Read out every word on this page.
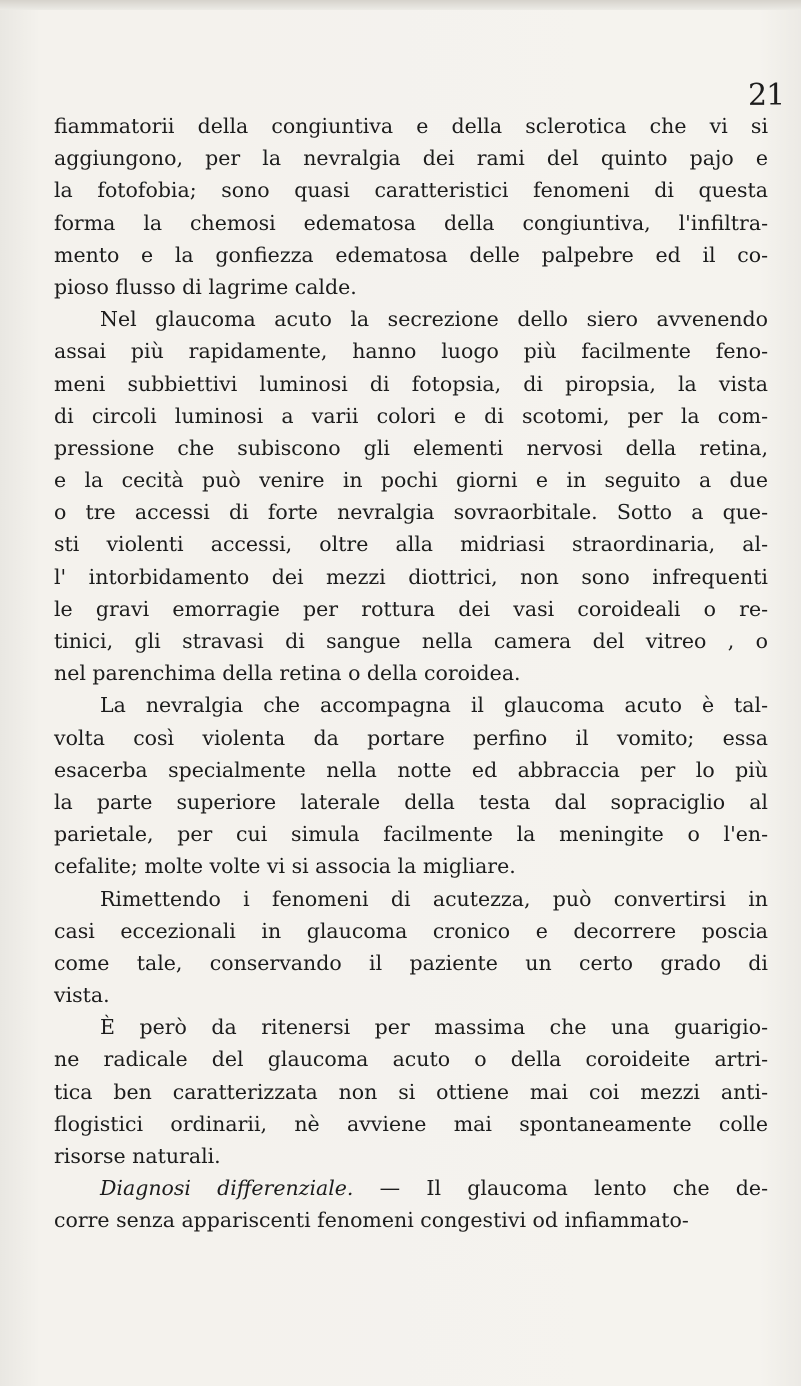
21
fiammatorii della congiuntiva e della sclerotica che vi si
aggiungono, per la nevralgia dei rami del quinto pajo e
la fotofobia; sono quasi caratteristici fenomeni di questa
forma la chemosi edematosa della congiuntiva, l'infiltra-
mento e la gonfiezza edematosa delle palpebre ed il co-
pioso flusso di lagrime calde.
Nel glaucoma acuto la secrezione dello siero avvenendo
assai più rapidamente, hanno luogo più facilmente feno-
meni subbiettivi luminosi di fotopsia, di piropsia, la vista
di circoli luminosi a varii colori e di scotomi, per la com-
pressione che subiscono gli elementi nervosi della retina,
e la cecità può venire in pochi giorni e in seguito a due
o tre accessi di forte nevralgia sovraorbitale. Sotto a que-
sti violenti accessi, oltre alla midriasi straordinaria, al-
l' intorbidamento dei mezzi diottrici, non sono infrequenti
le gravi emorragie per rottura dei vasi coroideali o re-
tinici, gli stravasi di sangue nella camera del vitreo , o
nel parenchima della retina o della coroidea.
La nevralgia che accompagna il glaucoma acuto è tal-
volta così violenta da portare perfino il vomito; essa
esacerba specialmente nella notte ed abbraccia per lo più
la parte superiore laterale della testa dal sopraciglio al
parietale, per cui simula facilmente la meningite o l'en-
cefalite; molte volte vi si associa la migliare.
Rimettendo i fenomeni di acutezza, può convertirsi in
casi eccezionali in glaucoma cronico e decorrere poscia
come tale, conservando il paziente un certo grado di
vista.
È però da ritenersi per massima che una guarigio-
ne radicale del glaucoma acuto o della coroideite artri-
tica ben caratterizzata non si ottiene mai coi mezzi anti-
flogistici ordinarii, nè avviene mai spontaneamente colle
risorse naturali.
Diagnosi differenziale. — Il glaucoma lento che de-
corre senza appariscenti fenomeni congestivi od infiammato-
